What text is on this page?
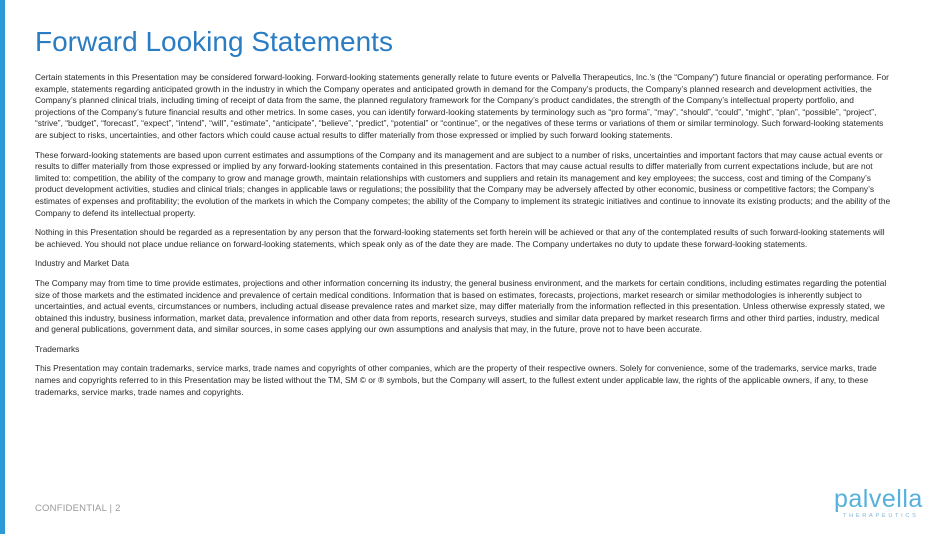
Forward Looking Statements

Certain statements in this Presentation may be considered forward-looking. Forward-looking statements generally relate to future events or Palvella Therapeutics, Inc.’s (the “Company”) future financial or operating performance. For example, statements regarding anticipated growth in the industry in which the Company operates and anticipated growth in demand for the Company’s products, the Company’s planned research and development activities, the Company’s planned clinical trials, including timing of receipt of data from the same, the planned regulatory framework for the Company’s product candidates, the strength of the Company’s intellectual property portfolio, and projections of the Company’s future financial results and other metrics. In some cases, you can identify forward-looking statements by terminology such as “pro forma”, “may”, “should”, “could”, “might”, “plan”, “possible”, “project”, “strive”, “budget”, “forecast”, “expect”, “intend”, “will”, “estimate”, “anticipate”, “believe”, “predict”, “potential” or “continue”, or the negatives of these terms or variations of them or similar terminology. Such forward-looking statements are subject to risks, uncertainties, and other factors which could cause actual results to differ materially from those expressed or implied by such forward looking statements.

These forward-looking statements are based upon current estimates and assumptions of the Company and its management and are subject to a number of risks, uncertainties and important factors that may cause actual events or results to differ materially from those expressed or implied by any forward-looking statements contained in this presentation. Factors that may cause actual results to differ materially from current expectations include, but are not limited to: competition, the ability of the company to grow and manage growth, maintain relationships with customers and suppliers and retain its management and key employees; the success, cost and timing of the Company’s product development activities, studies and clinical trials; changes in applicable laws or regulations; the possibility that the Company may be adversely affected by other economic, business or competitive factors; the Company’s estimates of expenses and profitability; the evolution of the markets in which the Company competes; the ability of the Company to implement its strategic initiatives and continue to innovate its existing products; and the ability of the Company to defend its intellectual property.

Nothing in this Presentation should be regarded as a representation by any person that the forward-looking statements set forth herein will be achieved or that any of the contemplated results of such forward-looking statements will be achieved. You should not place undue reliance on forward-looking statements, which speak only as of the date they are made. The Company undertakes no duty to update these forward-looking statements.

Industry and Market Data

The Company may from time to time provide estimates, projections and other information concerning its industry, the general business environment, and the markets for certain conditions, including estimates regarding the potential size of those markets and the estimated incidence and prevalence of certain medical conditions. Information that is based on estimates, forecasts, projections, market research or similar methodologies is inherently subject to uncertainties, and actual events, circumstances or numbers, including actual disease prevalence rates and market size, may differ materially from the information reflected in this presentation. Unless otherwise expressly stated, we obtained this industry, business information, market data, prevalence information and other data from reports, research surveys, studies and similar data prepared by market research firms and other third parties, industry, medical and general publications, government data, and similar sources, in some cases applying our own assumptions and analysis that may, in the future, prove not to have been accurate.

Trademarks

This Presentation may contain trademarks, service marks, trade names and copyrights of other companies, which are the property of their respective owners. Solely for convenience, some of the trademarks, service marks, trade names and copyrights referred to in this Presentation may be listed without the TM, SM © or ® symbols, but the Company will assert, to the fullest extent under applicable law, the rights of the applicable owners, if any, to these trademarks, service marks, trade names and copyrights.

CONFIDENTIAL | 2	palvella
THERAPEUTICS
